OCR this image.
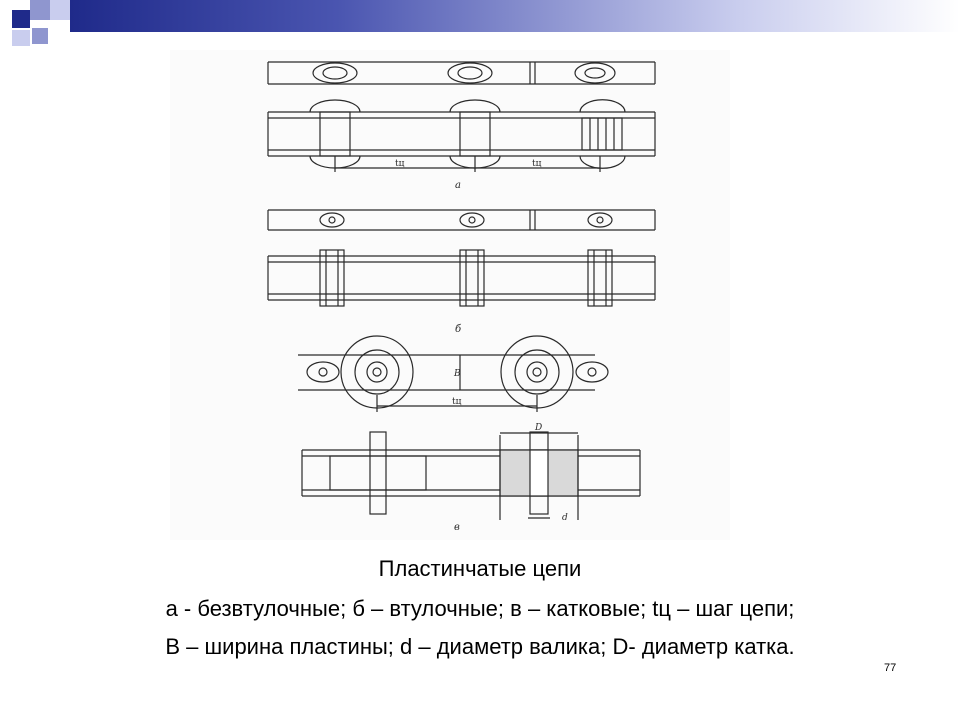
tц	tц
а
б
B
tц
D
d
в
Пластинчатые цепи
а - безвтулочные; б – втулочные; в – катковые; tц – шаг цепи;
В – ширина пластины; d – диаметр валика; D- диаметр катка.
77
